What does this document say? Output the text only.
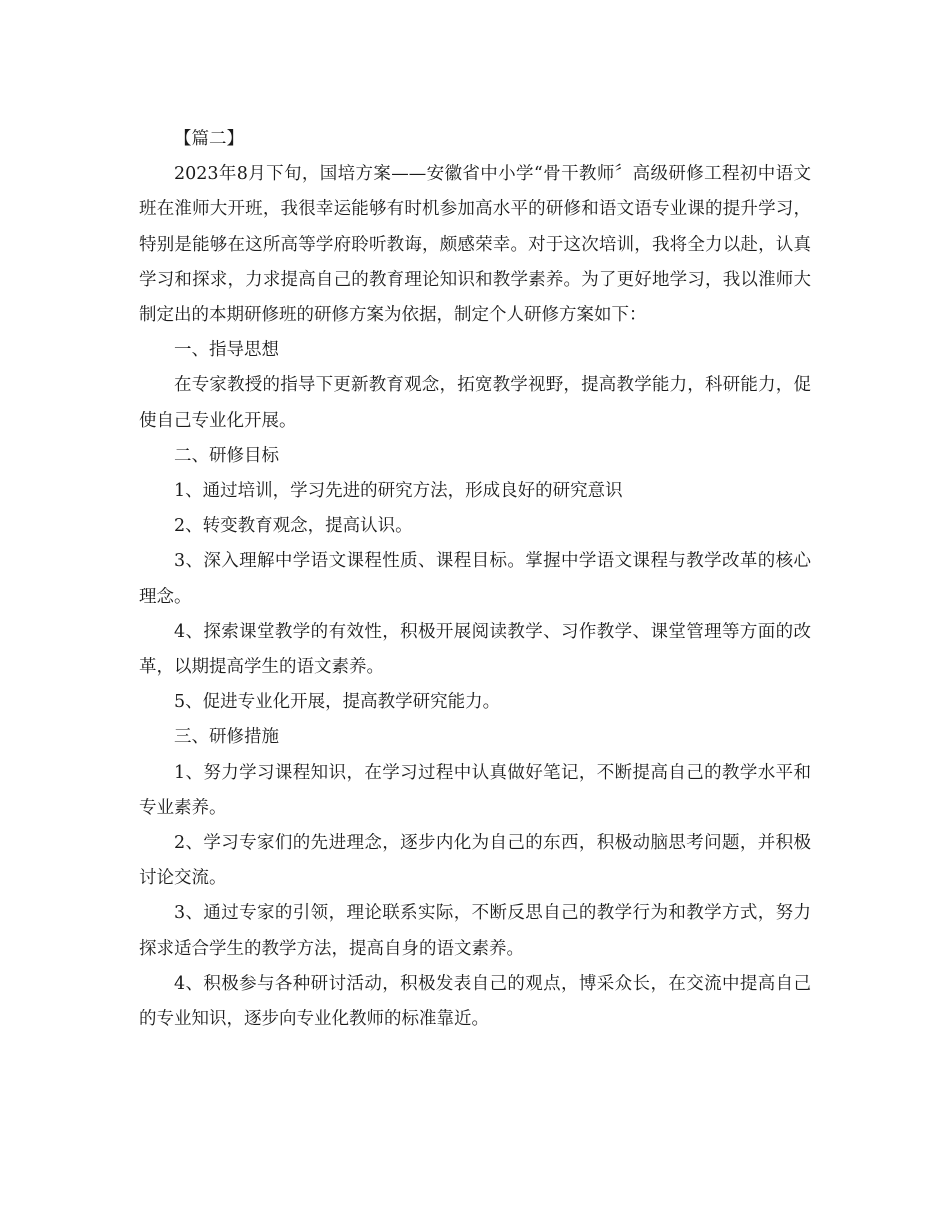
【篇二】

2023年8月下旬，国培方案——安徽省中小学“骨干教师〞高级研修工程初中语文班在淮师大开班，我很幸运能够有时机参加高水平的研修和语文语专业课的提升学习，特别是能够在这所高等学府聆听教诲，颇感荣幸。对于这次培训，我将全力以赴，认真学习和探求，力求提高自己的教育理论知识和教学素养。为了更好地学习，我以淮师大制定出的本期研修班的研修方案为依据，制定个人研修方案如下：

一、指导思想

在专家教授的指导下更新教育观念，拓宽教学视野，提高教学能力，科研能力，促使自己专业化开展。

二、研修目标

1、通过培训，学习先进的研究方法，形成良好的研究意识

2、转变教育观念，提高认识。

3、深入理解中学语文课程性质、课程目标。掌握中学语文课程与教学改革的核心理念。

4、探索课堂教学的有效性，积极开展阅读教学、习作教学、课堂管理等方面的改革，以期提高学生的语文素养。

5、促进专业化开展，提高教学研究能力。

三、研修措施

1、努力学习课程知识，在学习过程中认真做好笔记，不断提高自己的教学水平和专业素养。

2、学习专家们的先进理念，逐步内化为自己的东西，积极动脑思考问题，并积极讨论交流。

3、通过专家的引领，理论联系实际，不断反思自己的教学行为和教学方式，努力探求适合学生的教学方法，提高自身的语文素养。

4、积极参与各种研讨活动，积极发表自己的观点，博采众长，在交流中提高自己的专业知识，逐步向专业化教师的标准靠近。
